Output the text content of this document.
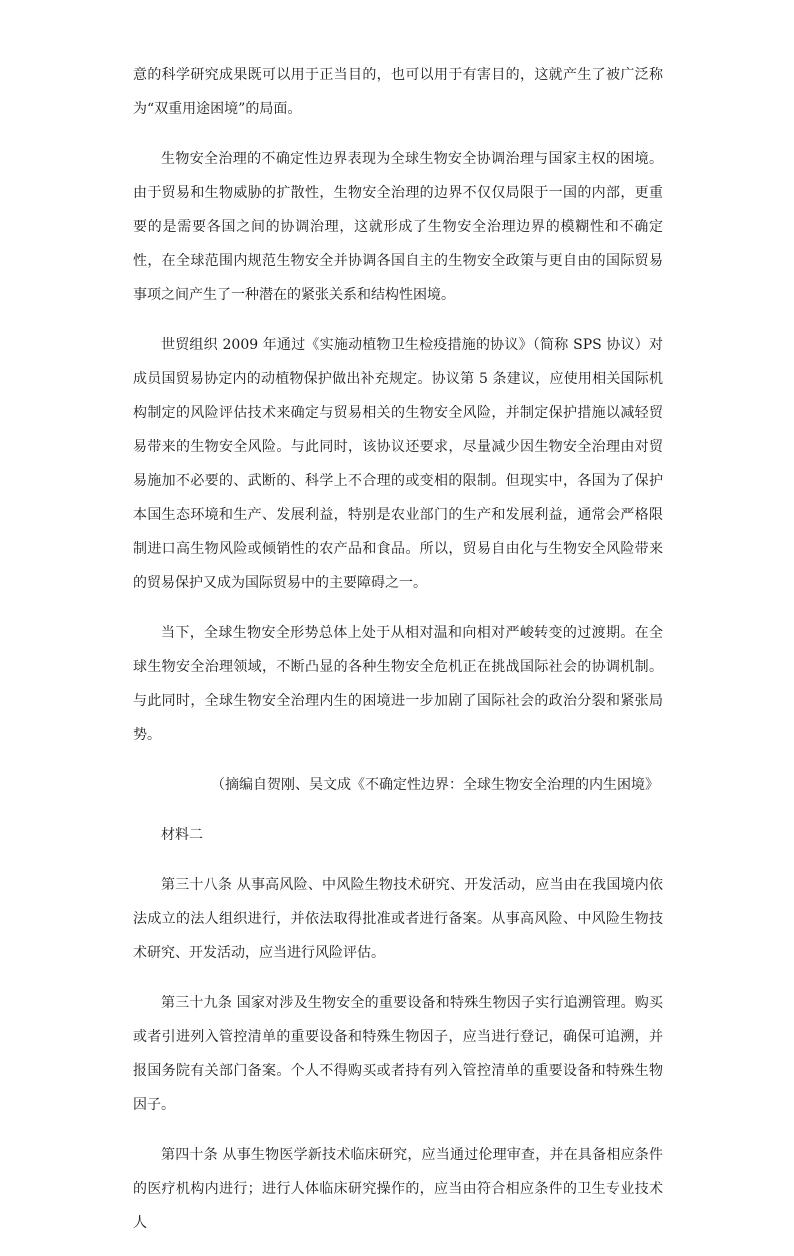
意的科学研究成果既可以用于正当目的，也可以用于有害目的，这就产生了被广泛称为“双重用途困境”的局面。

生物安全治理的不确定性边界表现为全球生物安全协调治理与国家主权的困境。由于贸易和生物威胁的扩散性，生物安全治理的边界不仅仅局限于一国的内部，更重要的是需要各国之间的协调治理，这就形成了生物安全治理边界的模糊性和不确定性，在全球范围内规范生物安全并协调各国自主的生物安全政策与更自由的国际贸易事项之间产生了一种潜在的紧张关系和结构性困境。

世贸组织 2009 年通过《实施动植物卫生检疫措施的协议》（简称 SPS 协议）对成员国贸易协定内的动植物保护做出补充规定。协议第 5 条建议，应使用相关国际机构制定的风险评估技术来确定与贸易相关的生物安全风险，并制定保护措施以减轻贸易带来的生物安全风险。与此同时，该协议还要求，尽量减少因生物安全治理由对贸易施加不必要的、武断的、科学上不合理的或变相的限制。但现实中，各国为了保护本国生态环境和生产、发展利益，特别是农业部门的生产和发展利益，通常会严格限制进口高生物风险或倾销性的农产品和食品。所以，贸易自由化与生物安全风险带来的贸易保护又成为国际贸易中的主要障碍之一。

当下，全球生物安全形势总体上处于从相对温和向相对严峻转变的过渡期。在全球生物安全治理领域，不断凸显的各种生物安全危机正在挑战国际社会的协调机制。与此同时，全球生物安全治理内生的困境进一步加剧了国际社会的政治分裂和紧张局势。

（摘编自贺刚、吴文成《不确定性边界：全球生物安全治理的内生困境》

材料二

第三十八条 从事高风险、中风险生物技术研究、开发活动，应当由在我国境内依法成立的法人组织进行，并依法取得批准或者进行备案。从事高风险、中风险生物技术研究、开发活动，应当进行风险评估。

第三十九条 国家对涉及生物安全的重要设备和特殊生物因子实行追溯管理。购买或者引进列入管控清单的重要设备和特殊生物因子，应当进行登记，确保可追溯，并报国务院有关部门备案。个人不得购买或者持有列入管控清单的重要设备和特殊生物因子。

第四十条 从事生物医学新技术临床研究，应当通过伦理审查，并在具备相应条件的医疗机构内进行；进行人体临床研究操作的，应当由符合相应条件的卫生专业技术人
